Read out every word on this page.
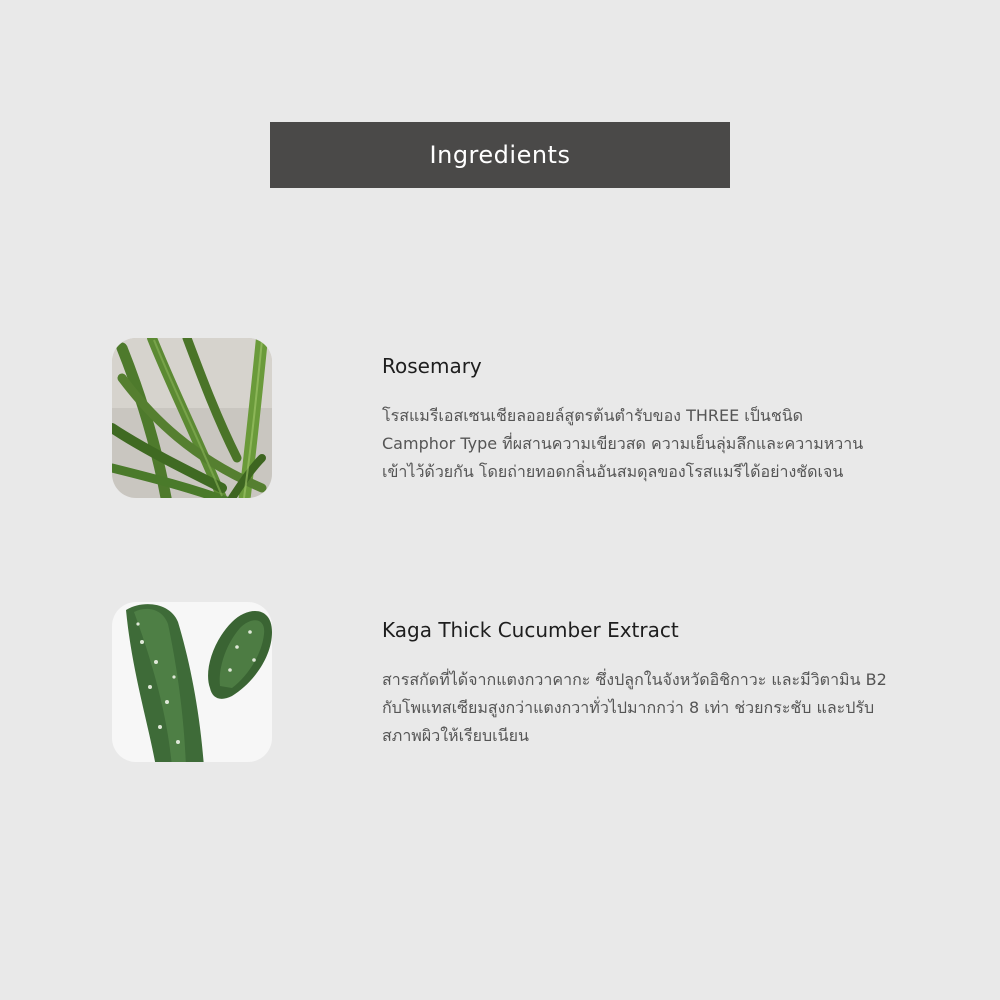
Ingredients
Rosemary

โรสแมรีเอสเซนเชียลออยล์สูตรต้นตำรับของ THREE เป็นชนิด
Camphor Type ที่ผสานความเขียวสด ความเย็นลุ่มลึกและความหวาน
เข้าไว้ด้วยกัน โดยถ่ายทอดกลิ่นอันสมดุลของโรสแมรีได้อย่างชัดเจน

Kaga Thick Cucumber Extract

สารสกัดที่ได้จากแตงกวาคากะ ซึ่งปลูกในจังหวัดอิชิกาวะ และมีวิตามิน B2
กับโพแทสเซียมสูงกว่าแตงกวาทั่วไปมากกว่า 8 เท่า ช่วยกระชับ และปรับ
สภาพผิวให้เรียบเนียน
